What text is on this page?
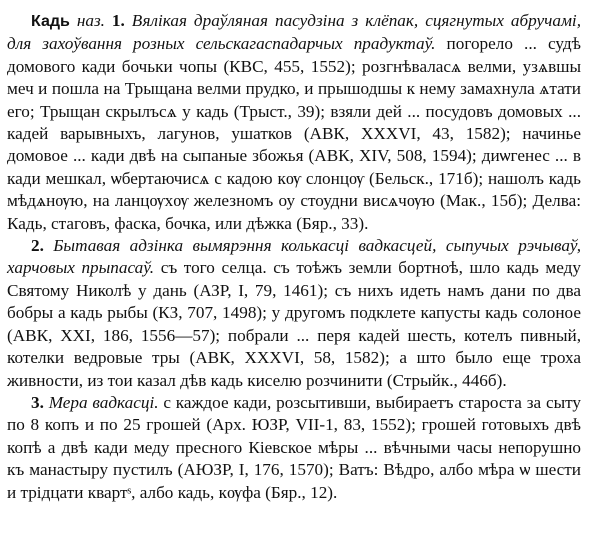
Кадь наз. 1. Вялікая драўляная пасудзіна з клёпак, сцягнутых абручамі, для захоўвання розных сельскагаспадарчых прадуктаў. погорело ... судѣ домового кади бочьки чопы (КВС, 455, 1552); розгнѣваласѧ велми, узѧвшы меч и пошла на Трыщана велми прудко, и прышодшы к нему замахнула ѧтати его; Трыщан скрылъсѧ у кадь (Трыст., 39); взяли дей ... посудовъ домовых ... кадей варывныхъ, лагунов, ушатков (АВК, XXXVI, 43, 1582); начинье домовое ... кади двѣ на сыпаные збожья (АВК, XIV, 508, 1594); диѡгенес ... в кади мешкал, ѡбертаючисѧ с кадою кѹ слонцѹ (Бельск., 171б); нашолъ кадь мѣдѧнѹю, на ланцѹхѹ железномъ оу стоудни висѧчѹю (Мак., 15б); Делва: Кадь, стаговъ, фаска, бочка, или дѣжка (Бяр., 33).

2. Бытавая адзінка вымярэння колькасці вадкасцей, сыпучых рэчываў, харчовых прыпасаў. съ того селца. съ тоѣжъ земли бортноѣ, шло кадь меду Святому Николѣ у дань (АЗР, I, 79, 1461); съ нихъ идеть намъ дани по два бобры а кадь рыбы (КЗ, 707, 1498); у другомъ подклете капусты кадь солоное (АВК, XXI, 186, 1556—57); побрали ... перя кадей шесть, котелъ пивный, котелки ведровые тры (АВК, XXXVI, 58, 1582); а што было еще троха живности, из тои казал дѣв кадь киселю розчинити (Стрыйк., 446б).

3. Мера вадкасці. с каждое кади, розсытивши, выбираетъ староста за сыту по 8 копъ и по 25 грошей (Арх. ЮЗР, VII-1, 83, 1552); грошей готовыхъ двѣ копѣ а двѣ кади меду пресного Кіевское мѣры ... вѣчными часы непорушно къ манастыру пустилъ (АЮЗР, I, 176, 1570); Ватъ: Вѣдро, албо мѣра ѡ шести и трідцати квартˢ, албо кадь, кѹфа (Бяр., 12).
